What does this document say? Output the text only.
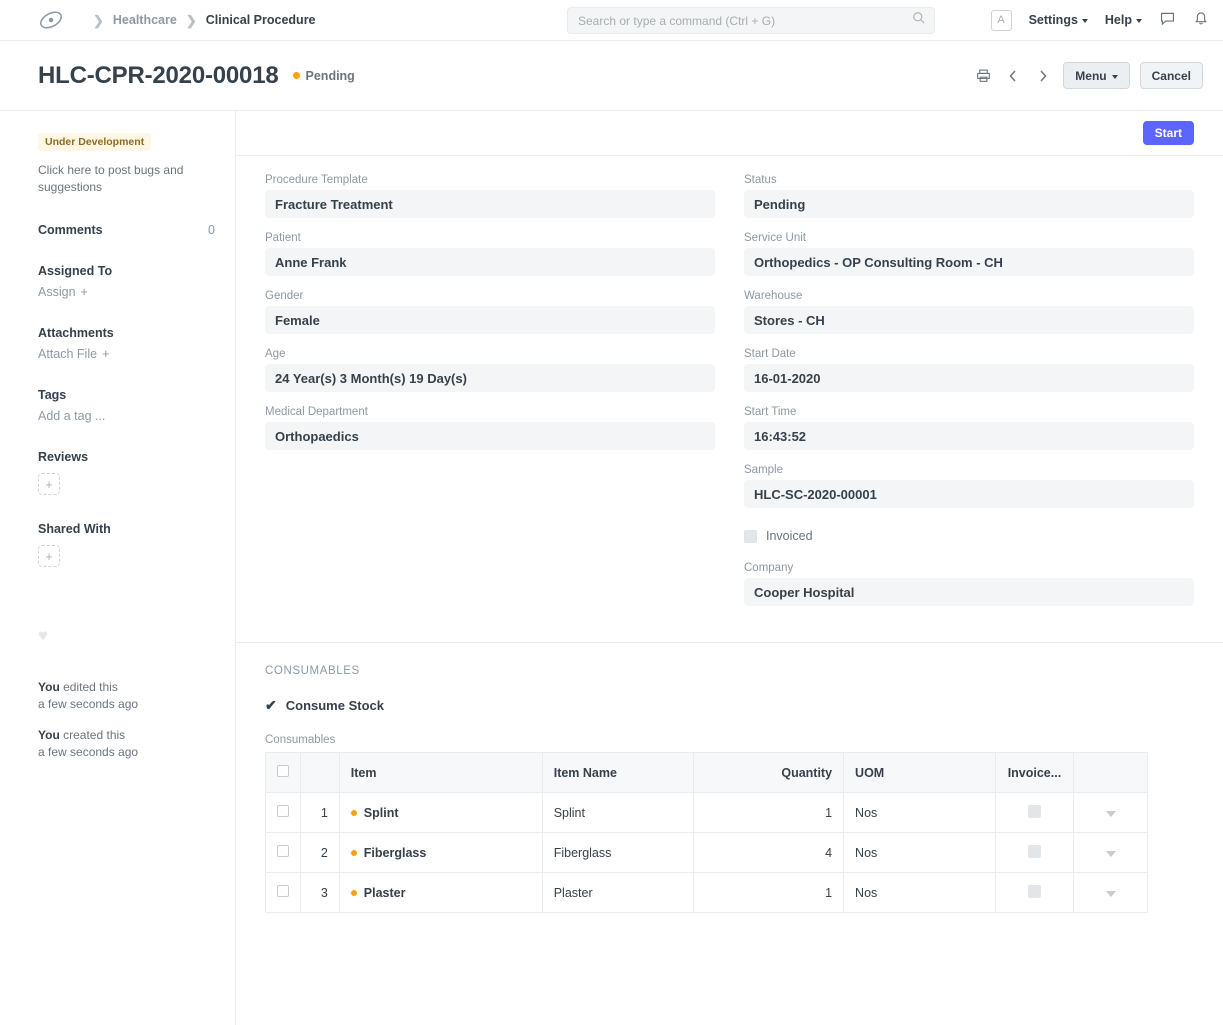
❯ Healthcare ❯ Clinical Procedure
Search or type a command (Ctrl + G)	A	Settings Help
HLC-CPR-2020-00018 Pending	Menu	Cancel
Under Development
Click here to post bugs and suggestions
Comments	0
Assigned To
Assign +
Attachments
Attach File +
Tags
Add a tag ...
Reviews
+
Shared With
+
♥
You edited this
a few seconds ago
You created this
a few seconds ago
Start
Procedure Template
Fracture Treatment
Patient
Anne Frank
Gender
Female
Age
24 Year(s) 3 Month(s) 19 Day(s)
Medical Department
Orthopaedics
Status
Pending
Service Unit
Orthopedics - OP Consulting Room - CH
Warehouse
Stores - CH
Start Date
16-01-2020
Start Time
16:43:52
Sample
HLC-SC-2020-00001
Invoiced
Company
Cooper Hospital
CONSUMABLES
✔ Consume Stock
Consumables
		Item	Item Name	Quantity	UOM	Invoice...	
	1	Splint	Splint	1	Nos		
	2	Fiberglass	Fiberglass	4	Nos		
	3	Plaster	Plaster	1	Nos		
